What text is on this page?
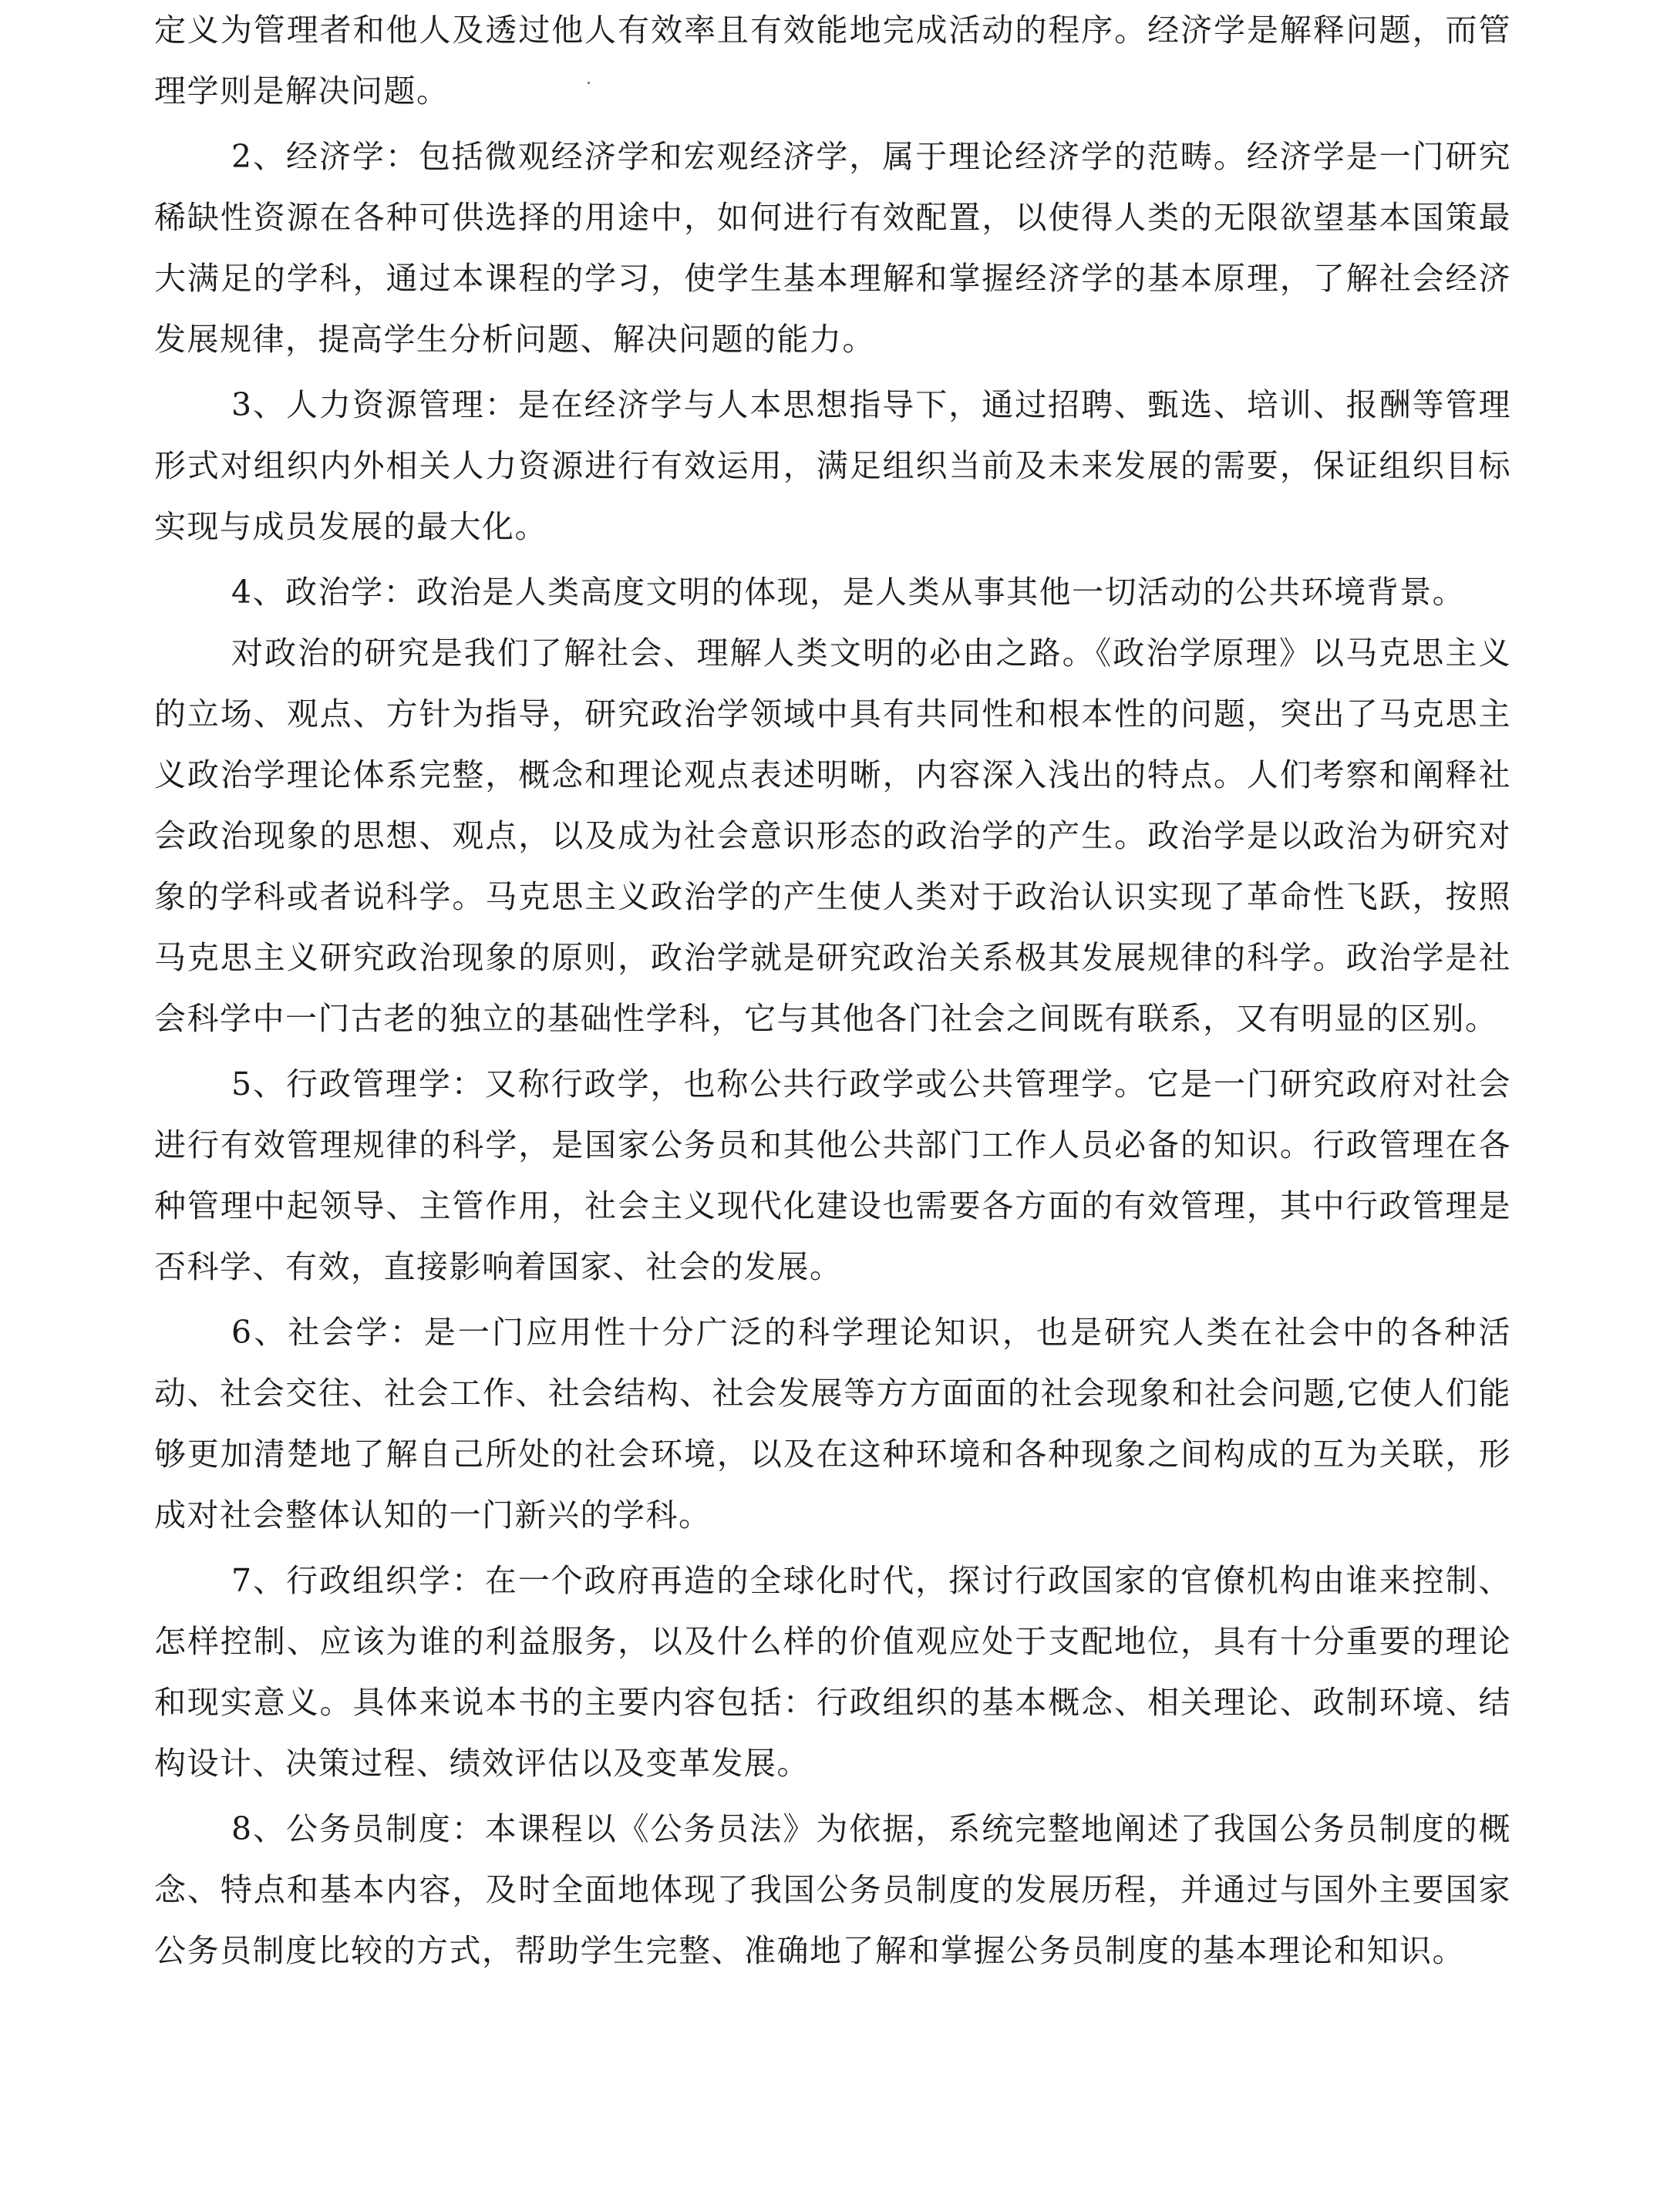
定义为管理者和他人及透过他人有效率且有效能地完成活动的程序。经济学是解释问题，而管理学则是解决问题。

2、经济学：包括微观经济学和宏观经济学，属于理论经济学的范畴。经济学是一门研究稀缺性资源在各种可供选择的用途中，如何进行有效配置，以使得人类的无限欲望基本国策最大满足的学科，通过本课程的学习，使学生基本理解和掌握经济学的基本原理，了解社会经济发展规律，提高学生分析问题、解决问题的能力。

3、人力资源管理：是在经济学与人本思想指导下，通过招聘、甄选、培训、报酬等管理形式对组织内外相关人力资源进行有效运用，满足组织当前及未来发展的需要，保证组织目标实现与成员发展的最大化。

4、政治学：政治是人类高度文明的体现，是人类从事其他一切活动的公共环境背景。

对政治的研究是我们了解社会、理解人类文明的必由之路。《政治学原理》以马克思主义的立场、观点、方针为指导，研究政治学领域中具有共同性和根本性的问题，突出了马克思主义政治学理论体系完整，概念和理论观点表述明晰，内容深入浅出的特点。人们考察和阐释社会政治现象的思想、观点，以及成为社会意识形态的政治学的产生。政治学是以政治为研究对象的学科或者说科学。马克思主义政治学的产生使人类对于政治认识实现了革命性飞跃，按照马克思主义研究政治现象的原则，政治学就是研究政治关系极其发展规律的科学。政治学是社会科学中一门古老的独立的基础性学科，它与其他各门社会之间既有联系，又有明显的区别。

5、行政管理学：又称行政学，也称公共行政学或公共管理学。它是一门研究政府对社会进行有效管理规律的科学，是国家公务员和其他公共部门工作人员必备的知识。行政管理在各种管理中起领导、主管作用，社会主义现代化建设也需要各方面的有效管理，其中行政管理是否科学、有效，直接影响着国家、社会的发展。

6、社会学：是一门应用性十分广泛的科学理论知识，也是研究人类在社会中的各种活动、社会交往、社会工作、社会结构、社会发展等方方面面的社会现象和社会问题,它使人们能够更加清楚地了解自己所处的社会环境，以及在这种环境和各种现象之间构成的互为关联，形成对社会整体认知的一门新兴的学科。

7、行政组织学：在一个政府再造的全球化时代，探讨行政国家的官僚机构由谁来控制、怎样控制、应该为谁的利益服务，以及什么样的价值观应处于支配地位，具有十分重要的理论和现实意义。具体来说本书的主要内容包括：行政组织的基本概念、相关理论、政制环境、结构设计、决策过程、绩效评估以及变革发展。

8、公务员制度：本课程以《公务员法》为依据，系统完整地阐述了我国公务员制度的概念、特点和基本内容，及时全面地体现了我国公务员制度的发展历程，并通过与国外主要国家公务员制度比较的方式，帮助学生完整、准确地了解和掌握公务员制度的基本理论和知识。
